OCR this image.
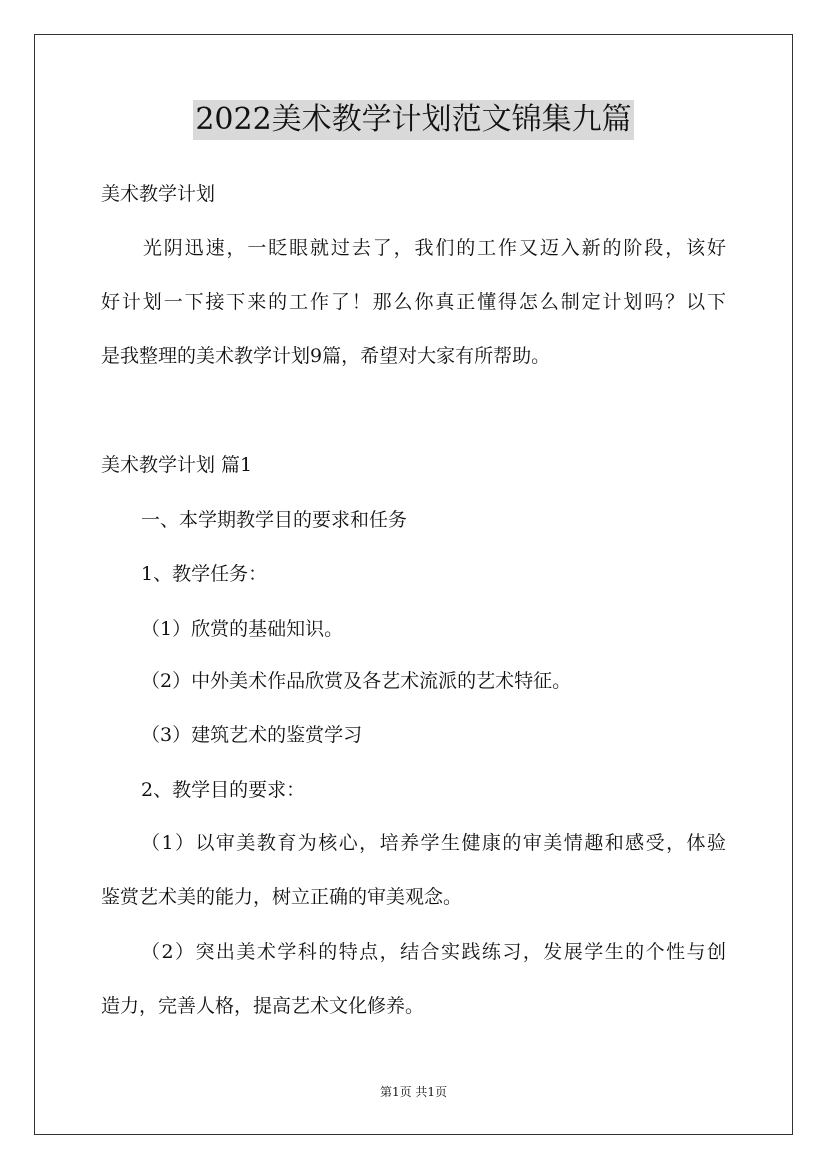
2022美术教学计划范文锦集九篇
美术教学计划
光阴迅速，一眨眼就过去了，我们的工作又迈入新的阶段，该好
好计划一下接下来的工作了！那么你真正懂得怎么制定计划吗？以下
是我整理的美术教学计划9篇，希望对大家有所帮助。
美术教学计划 篇1
一、本学期教学目的要求和任务
1、教学任务：
（1）欣赏的基础知识。
（2）中外美术作品欣赏及各艺术流派的艺术特征。
（3）建筑艺术的鉴赏学习
2、教学目的要求：
（1）以审美教育为核心，培养学生健康的审美情趣和感受，体验
鉴赏艺术美的能力，树立正确的审美观念。
（2）突出美术学科的特点，结合实践练习，发展学生的个性与创
造力，完善人格，提高艺术文化修养。
第1页 共1页
